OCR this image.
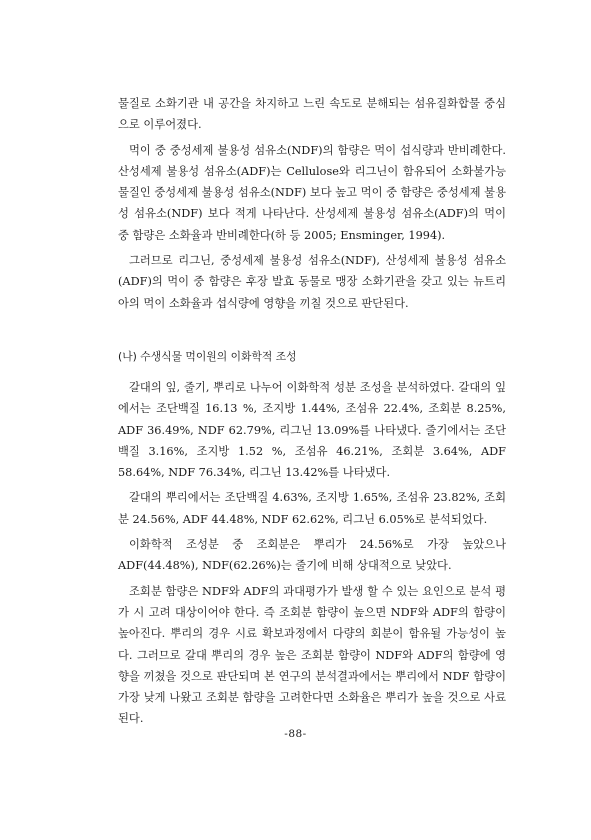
물질로 소화기관 내 공간을 차지하고 느린 속도로 분해되는 섬유질화합물 중심으로 이루어졌다.

먹이 중 중성세제 불용성 섬유소(NDF)의 함량은 먹이 섭식량과 반비례한다. 산성세제 불용성 섬유소(ADF)는 Cellulose와 리그닌이 함유되어 소화불가능 물질인 중성세제 불용성 섬유소(NDF) 보다 높고 먹이 중 함량은 중성세제 불용성 섬유소(NDF) 보다 적게 나타난다. 산성세제 불용성 섬유소(ADF)의 먹이 중 함량은 소화율과 반비례한다(하 등 2005; Ensminger, 1994).

그러므로 리그닌, 중성세제 불용성 섬유소(NDF), 산성세제 불용성 섬유소(ADF)의 먹이 중 함량은 후장 발효 동물로 맹장 소화기관을 갖고 있는 뉴트리아의 먹이 소화율과 섭식량에 영향을 끼칠 것으로 판단된다.

(나) 수생식물 먹이원의 이화학적 조성

갈대의 잎, 줄기, 뿌리로 나누어 이화학적 성분 조성을 분석하였다. 갈대의 잎에서는 조단백질 16.13 %, 조지방 1.44%, 조섬유 22.4%, 조회분 8.25%, ADF 36.49%, NDF 62.79%, 리그닌 13.09%를 나타냈다. 줄기에서는 조단백질 3.16%, 조지방 1.52 %, 조섬유 46.21%, 조회분 3.64%, ADF 58.64%, NDF 76.34%, 리그닌 13.42%를 나타냈다.

갈대의 뿌리에서는 조단백질 4.63%, 조지방 1.65%, 조섬유 23.82%, 조회분 24.56%, ADF 44.48%, NDF 62.62%, 리그닌 6.05%로 분석되었다.

이화학적 조성분 중 조회분은 뿌리가 24.56%로 가장 높았으나 ADF(44.48%), NDF(62.26%)는 줄기에 비해 상대적으로 낮았다.

조회분 함량은 NDF와 ADF의 과대평가가 발생 할 수 있는 요인으로 분석 평가 시 고려 대상이어야 한다. 즉 조회분 함량이 높으면 NDF와 ADF의 함량이 높아진다. 뿌리의 경우 시료 확보과정에서 다량의 회분이 함유될 가능성이 높다. 그러므로 갈대 뿌리의 경우 높은 조회분 함량이 NDF와 ADF의 함량에 영향을 끼쳤을 것으로 판단되며 본 연구의 분석결과에서는 뿌리에서 NDF 함량이 가장 낮게 나왔고 조회분 함량을 고려한다면 소화율은 뿌리가 높을 것으로 사료된다.

-88-
